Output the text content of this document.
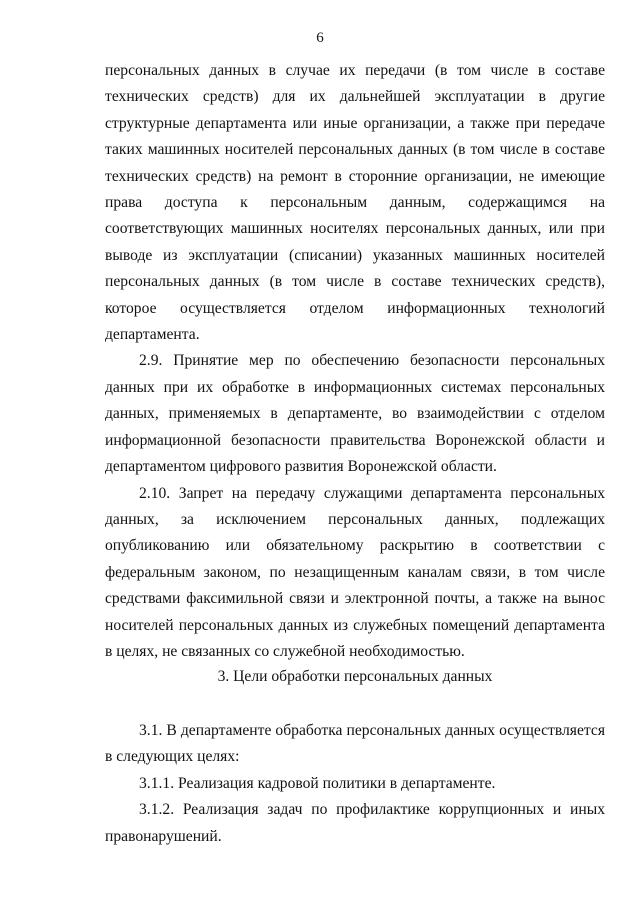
6

персональных данных в случае их передачи (в том числе в составе технических средств) для их дальнейшей эксплуатации в другие структурные департамента или иные организации, а также при передаче таких машинных носителей персональных данных (в том числе в составе технических средств) на ремонт в сторонние организации, не имеющие права доступа к персональным данным, содержащимся на соответствующих машинных носителях персональных данных, или при выводе из эксплуатации (списании) указанных машинных носителей персональных данных (в том числе в составе технических средств), которое осуществляется отделом информационных технологий департамента.

2.9. Принятие мер по обеспечению безопасности персональных данных при их обработке в информационных системах персональных данных, применяемых в департаменте, во взаимодействии с отделом информационной безопасности правительства Воронежской области и департаментом цифрового развития Воронежской области.

2.10. Запрет на передачу служащими департамента персональных данных, за исключением персональных данных, подлежащих опубликованию или обязательному раскрытию в соответствии с федеральным законом, по незащищенным каналам связи, в том числе средствами факсимильной связи и электронной почты, а также на вынос носителей персональных данных из служебных помещений департамента в целях, не связанных со служебной необходимостью.

3. Цели обработки персональных данных

3.1. В департаменте обработка персональных данных осуществляется в следующих целях:

3.1.1. Реализация кадровой политики в департаменте.

3.1.2. Реализация задач по профилактике коррупционных и иных правонарушений.
